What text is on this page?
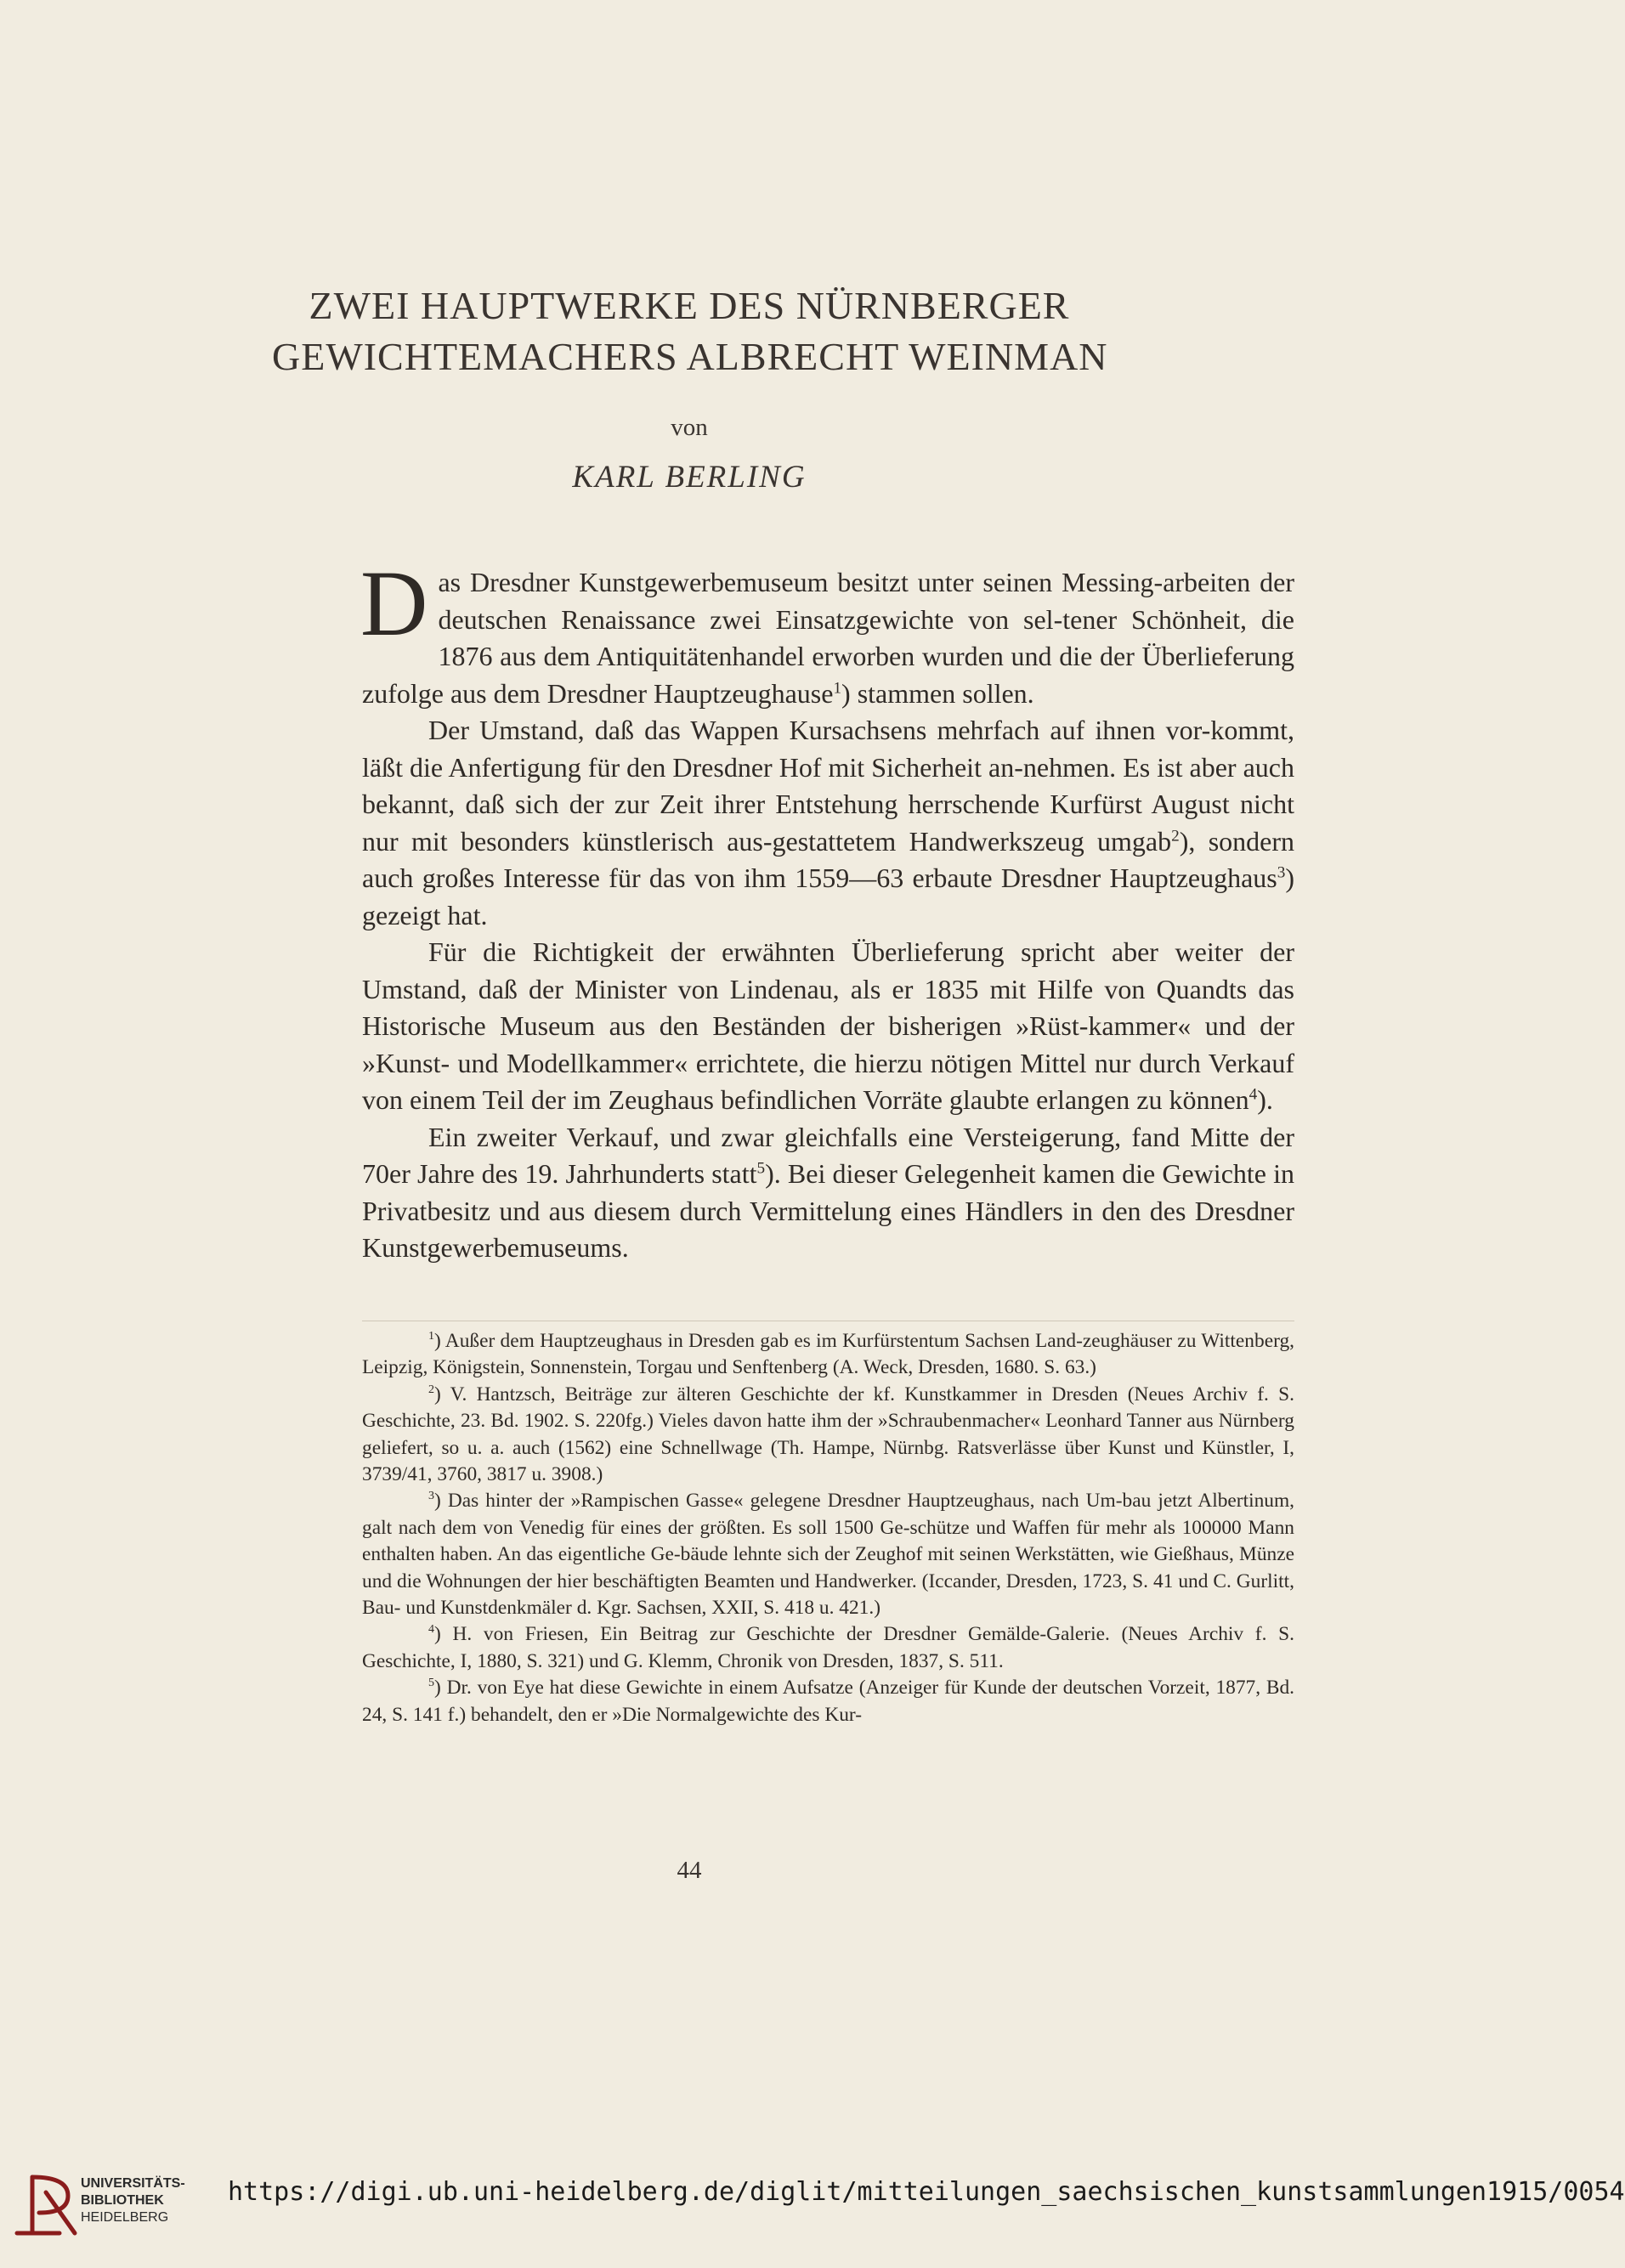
ZWEI HAUPTWERKE DES NÜRNBERGER
GEWICHTEMACHERS ALBRECHT WEINMAN
von
KARL BERLING

Das Dresdner Kunstgewerbemuseum besitzt unter seinen Messing-arbeiten der deutschen Renaissance zwei Einsatzgewichte von sel-tener Schönheit, die 1876 aus dem Antiquitätenhandel erworben wurden und die der Überlieferung zufolge aus dem Dresdner Hauptzeughause$^1$) stammen sollen.

Der Umstand, daß das Wappen Kursachsens mehrfach auf ihnen vor-kommt, läßt die Anfertigung für den Dresdner Hof mit Sicherheit an-nehmen. Es ist aber auch bekannt, daß sich der zur Zeit ihrer Entstehung herrschende Kurfürst August nicht nur mit besonders künstlerisch aus-gestattetem Handwerkszeug umgab$^2$), sondern auch großes Interesse für das von ihm 1559—63 erbaute Dresdner Hauptzeughaus$^3$) gezeigt hat.

Für die Richtigkeit der erwähnten Überlieferung spricht aber weiter der Umstand, daß der Minister von Lindenau, als er 1835 mit Hilfe von Quandts das Historische Museum aus den Beständen der bisherigen »Rüst-kammer« und der »Kunst- und Modellkammer« errichtete, die hierzu nötigen Mittel nur durch Verkauf von einem Teil der im Zeughaus befindlichen Vorräte glaubte erlangen zu können$^4$).

Ein zweiter Verkauf, und zwar gleichfalls eine Versteigerung, fand Mitte der 70er Jahre des 19. Jahrhunderts statt$^5$). Bei dieser Gelegenheit kamen die Gewichte in Privatbesitz und aus diesem durch Vermittelung eines Händlers in den des Dresdner Kunstgewerbemuseums.

$^1$) Außer dem Hauptzeughaus in Dresden gab es im Kurfürstentum Sachsen Land-zeughäuser zu Wittenberg, Leipzig, Königstein, Sonnenstein, Torgau und Senftenberg (A. Weck, Dresden, 1680. S. 63.)

$^2$) V. Hantzsch, Beiträge zur älteren Geschichte der kf. Kunstkammer in Dresden (Neues Archiv f. S. Geschichte, 23. Bd. 1902. S. 220fg.) Vieles davon hatte ihm der »Schraubenmacher« Leonhard Tanner aus Nürnberg geliefert, so u. a. auch (1562) eine Schnellwage (Th. Hampe, Nürnbg. Ratsverlässe über Kunst und Künstler, I, 3739/41, 3760, 3817 u. 3908.)

$^3$) Das hinter der »Rampischen Gasse« gelegene Dresdner Hauptzeughaus, nach Um-bau jetzt Albertinum, galt nach dem von Venedig für eines der größten. Es soll 1500 Ge-schütze und Waffen für mehr als 100000 Mann enthalten haben. An das eigentliche Ge-bäude lehnte sich der Zeughof mit seinen Werkstätten, wie Gießhaus, Münze und die Wohnungen der hier beschäftigten Beamten und Handwerker. (Iccander, Dresden, 1723, S. 41 und C. Gurlitt, Bau- und Kunstdenkmäler d. Kgr. Sachsen, XXII, S. 418 u. 421.)

$^4$) H. von Friesen, Ein Beitrag zur Geschichte der Dresdner Gemälde-Galerie. (Neues Archiv f. S. Geschichte, I, 1880, S. 321) und G. Klemm, Chronik von Dresden, 1837, S. 511.

$^5$) Dr. von Eye hat diese Gewichte in einem Aufsatze (Anzeiger für Kunde der deutschen Vorzeit, 1877, Bd. 24, S. 141 f.) behandelt, den er »Die Normalgewichte des Kur-

44
UNIVERSITÄTS-
BIBLIOTHEK
HEIDELBERG
https://digi.ub.uni-heidelberg.de/diglit/mitteilungen_saechsischen_kunstsammlungen1915/0054
